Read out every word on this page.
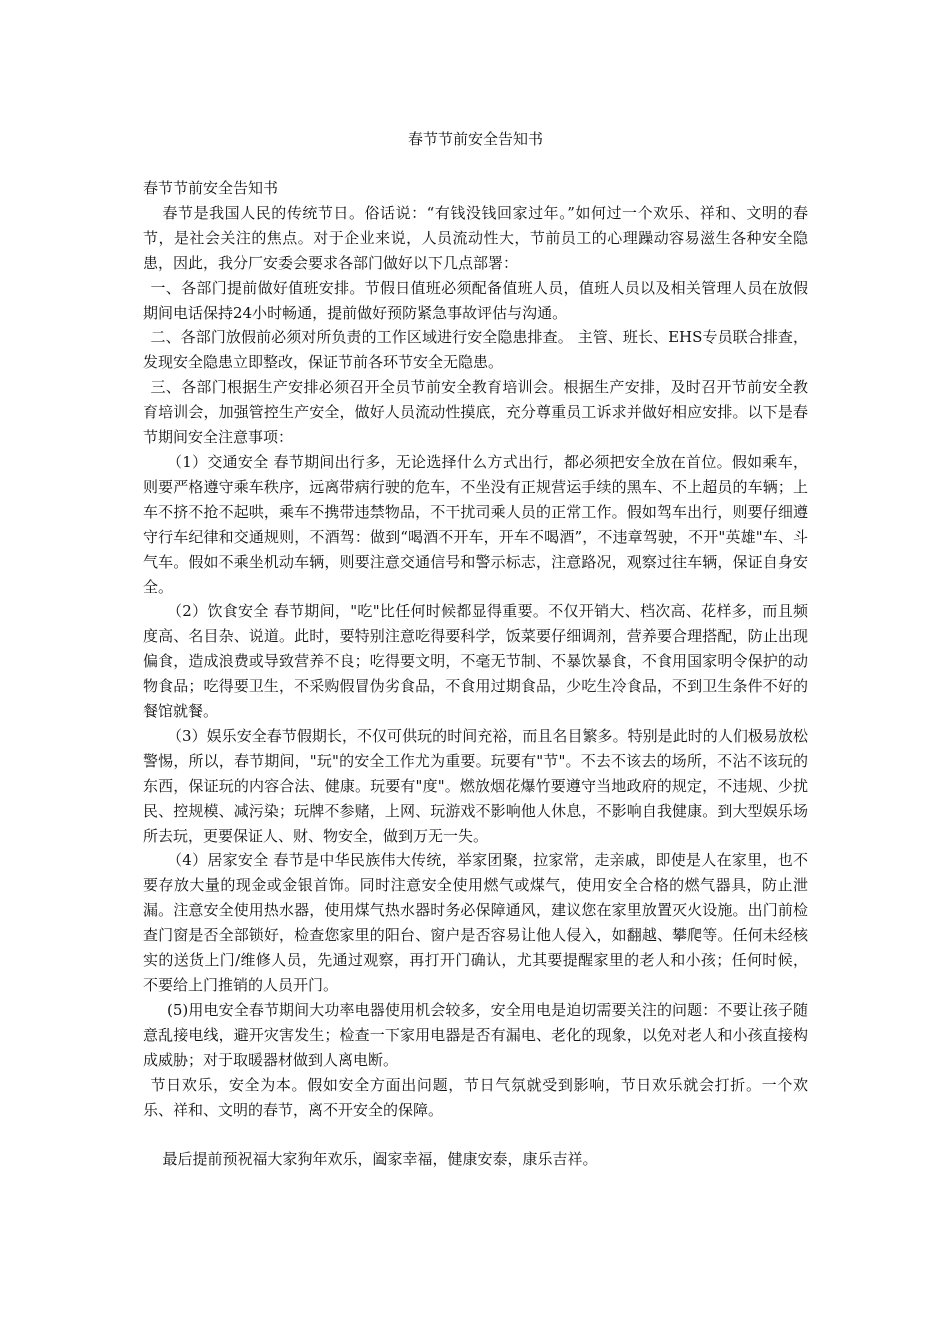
春节节前安全告知书

春节节前安全告知书

春节是我国人民的传统节日。俗话说：“有钱没钱回家过年。”如何过一个欢乐、祥和、文明的春节，是社会关注的焦点。对于企业来说，人员流动性大，节前员工的心理躁动容易滋生各种安全隐患，因此，我分厂安委会要求各部门做好以下几点部署：

一、各部门提前做好值班安排。节假日值班必须配备值班人员，值班人员以及相关管理人员在放假期间电话保持24小时畅通，提前做好预防紧急事故评估与沟通。

二、各部门放假前必须对所负责的工作区域进行安全隐患排查。 主管、班长、EHS专员联合排查，发现安全隐患立即整改，保证节前各环节安全无隐患。

三、各部门根据生产安排必须召开全员节前安全教育培训会。根据生产安排，及时召开节前安全教育培训会，加强管控生产安全，做好人员流动性摸底，充分尊重员工诉求并做好相应安排。以下是春节期间安全注意事项：

（1）交通安全 春节期间出行多，无论选择什么方式出行，都必须把安全放在首位。假如乘车，则要严格遵守乘车秩序，远离带病行驶的危车，不坐没有正规营运手续的黑车、不上超员的车辆；上车不挤不抢不起哄，乘车不携带违禁物品，不干扰司乘人员的正常工作。假如驾车出行，则要仔细遵守行车纪律和交通规则，不酒驾：做到“喝酒不开车，开车不喝酒”，不违章驾驶，不开"英雄"车、斗气车。假如不乘坐机动车辆，则要注意交通信号和警示标志，注意路况，观察过往车辆，保证自身安全。

（2）饮食安全 春节期间，"吃"比任何时候都显得重要。不仅开销大、档次高、花样多，而且频度高、名目杂、说道。此时，要特别注意吃得要科学，饭菜要仔细调剂，营养要合理搭配，防止出现偏食，造成浪费或导致营养不良；吃得要文明，不毫无节制、不暴饮暴食，不食用国家明令保护的动物食品；吃得要卫生，不采购假冒伪劣食品，不食用过期食品，少吃生冷食品，不到卫生条件不好的餐馆就餐。

（3）娱乐安全春节假期长，不仅可供玩的时间充裕，而且名目繁多。特别是此时的人们极易放松警惕，所以，春节期间，"玩"的安全工作尤为重要。玩要有"节"。不去不该去的场所，不沾不该玩的东西，保证玩的内容合法、健康。玩要有"度"。燃放烟花爆竹要遵守当地政府的规定，不违规、少扰民、控规模、减污染；玩牌不参赌，上网、玩游戏不影响他人休息，不影响自我健康。到大型娱乐场所去玩，更要保证人、财、物安全，做到万无一失。

（4）居家安全 春节是中华民族伟大传统，举家团聚，拉家常，走亲戚，即使是人在家里，也不要存放大量的现金或金银首饰。同时注意安全使用燃气或煤气，使用安全合格的燃气器具，防止泄漏。注意安全使用热水器，使用煤气热水器时务必保障通风，建议您在家里放置灭火设施。出门前检查门窗是否全部锁好，检查您家里的阳台、窗户是否容易让他人侵入，如翻越、攀爬等。任何未经核实的送货上门/维修人员，先通过观察，再打开门确认，尤其要提醒家里的老人和小孩；任何时候，不要给上门推销的人员开门。

(5)用电安全春节期间大功率电器使用机会较多，安全用电是迫切需要关注的问题：不要让孩子随意乱接电线，避开灾害发生；检查一下家用电器是否有漏电、老化的现象，以免对老人和小孩直接构成威胁；对于取暖器材做到人离电断。

节日欢乐，安全为本。假如安全方面出问题，节日气氛就受到影响，节日欢乐就会打折。一个欢乐、祥和、文明的春节，离不开安全的保障。

最后提前预祝福大家狗年欢乐，阖家幸福，健康安泰，康乐吉祥。
